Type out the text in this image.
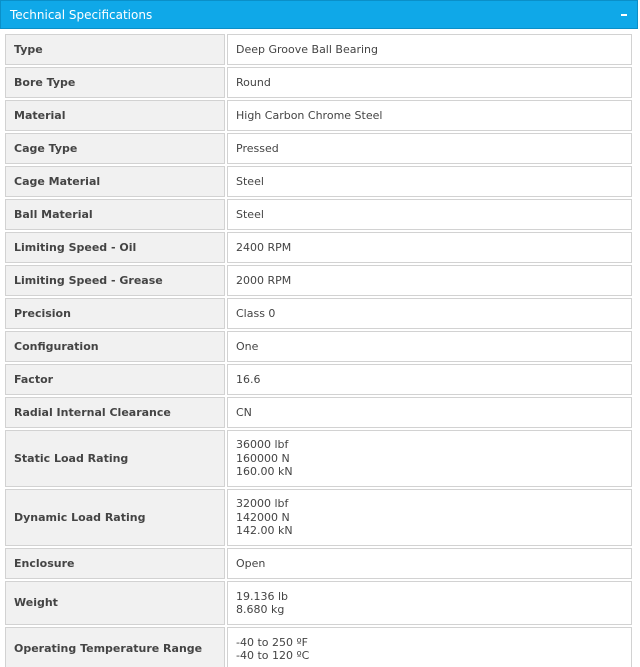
Technical Specifications
Type	Deep Groove Ball Bearing

Bore Type	Round

Material	High Carbon Chrome Steel

Cage Type	Pressed

Cage Material	Steel

Ball Material	Steel

Limiting Speed - Oil	2400 RPM

Limiting Speed - Grease	2000 RPM

Precision	Class 0

Configuration	One

Factor	16.6

Radial Internal Clearance	CN

Static Load Rating	36000 lbf
160000 N
160.00 kN

Dynamic Load Rating	32000 lbf
142000 N
142.00 kN

Enclosure	Open

Weight	19.136 lb
8.680 kg

Operating Temperature Range	-40 to 250 ºF
-40 to 120 ºC
